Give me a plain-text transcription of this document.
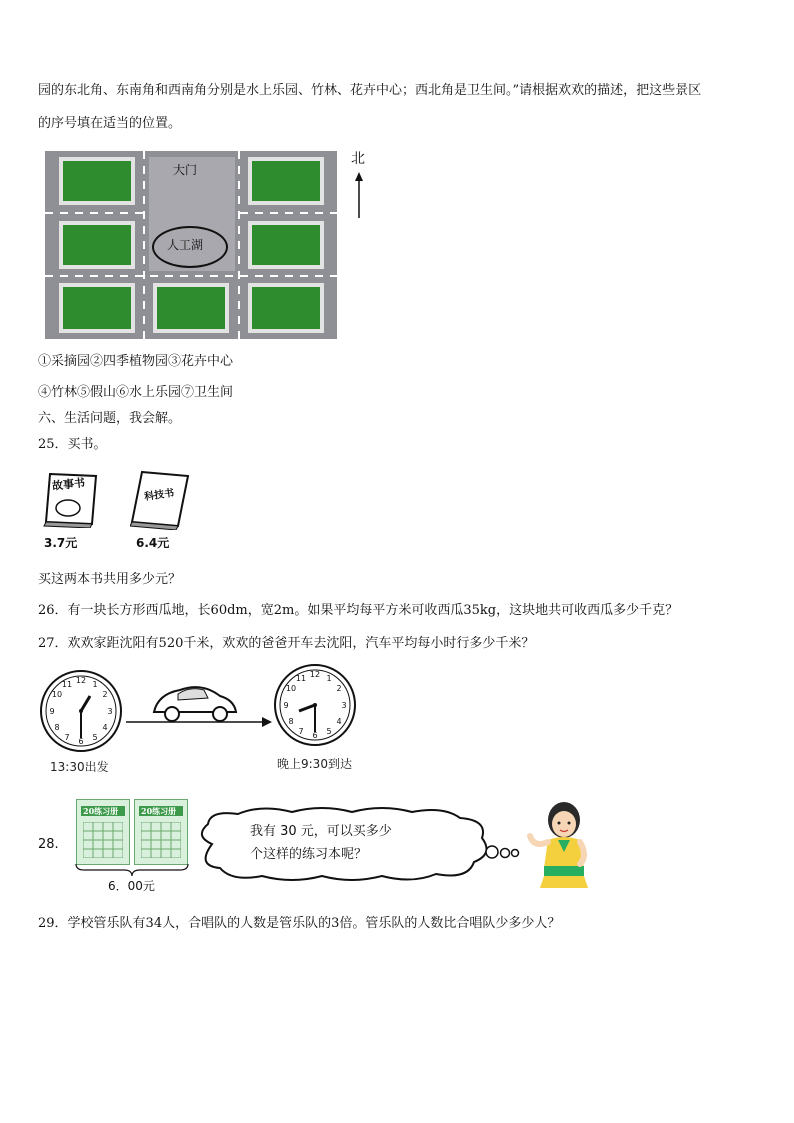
园的东北角、东南角和西南角分别是水上乐园、竹林、花卉中心；西北角是卫生间。”请根据欢欢的描述，把这些景区
的序号填在适当的位置。
大门
人工湖
北
①采摘园②四季植物园③花卉中心
④竹林⑤假山⑥水上乐园⑦卫生间
六、生活问题，我会解。
25．买书。
故事书
科技书
3.7元	6.4元
买这两本书共用多少元？
26．有一块长方形西瓜地，长60dm，宽2m。如果平均每平方米可收西瓜35kg，这块地共可收西瓜多少千克？
27．欢欢家距沈阳有520千米，欢欢的爸爸开车去沈阳，汽车平均每小时行多少千米？
12 1
2
3
4
5
6
7
8
9
10
11
12 1
2
3
4
5
6
7
8
9
10
11
13:30出发	晚上9:30到达
28.
20练习册	20练习册
6．00元
我有 30 元，可以买多少
个这样的练习本呢？
29．学校管乐队有34人，合唱队的人数是管乐队的3倍。管乐队的人数比合唱队少多少人？
